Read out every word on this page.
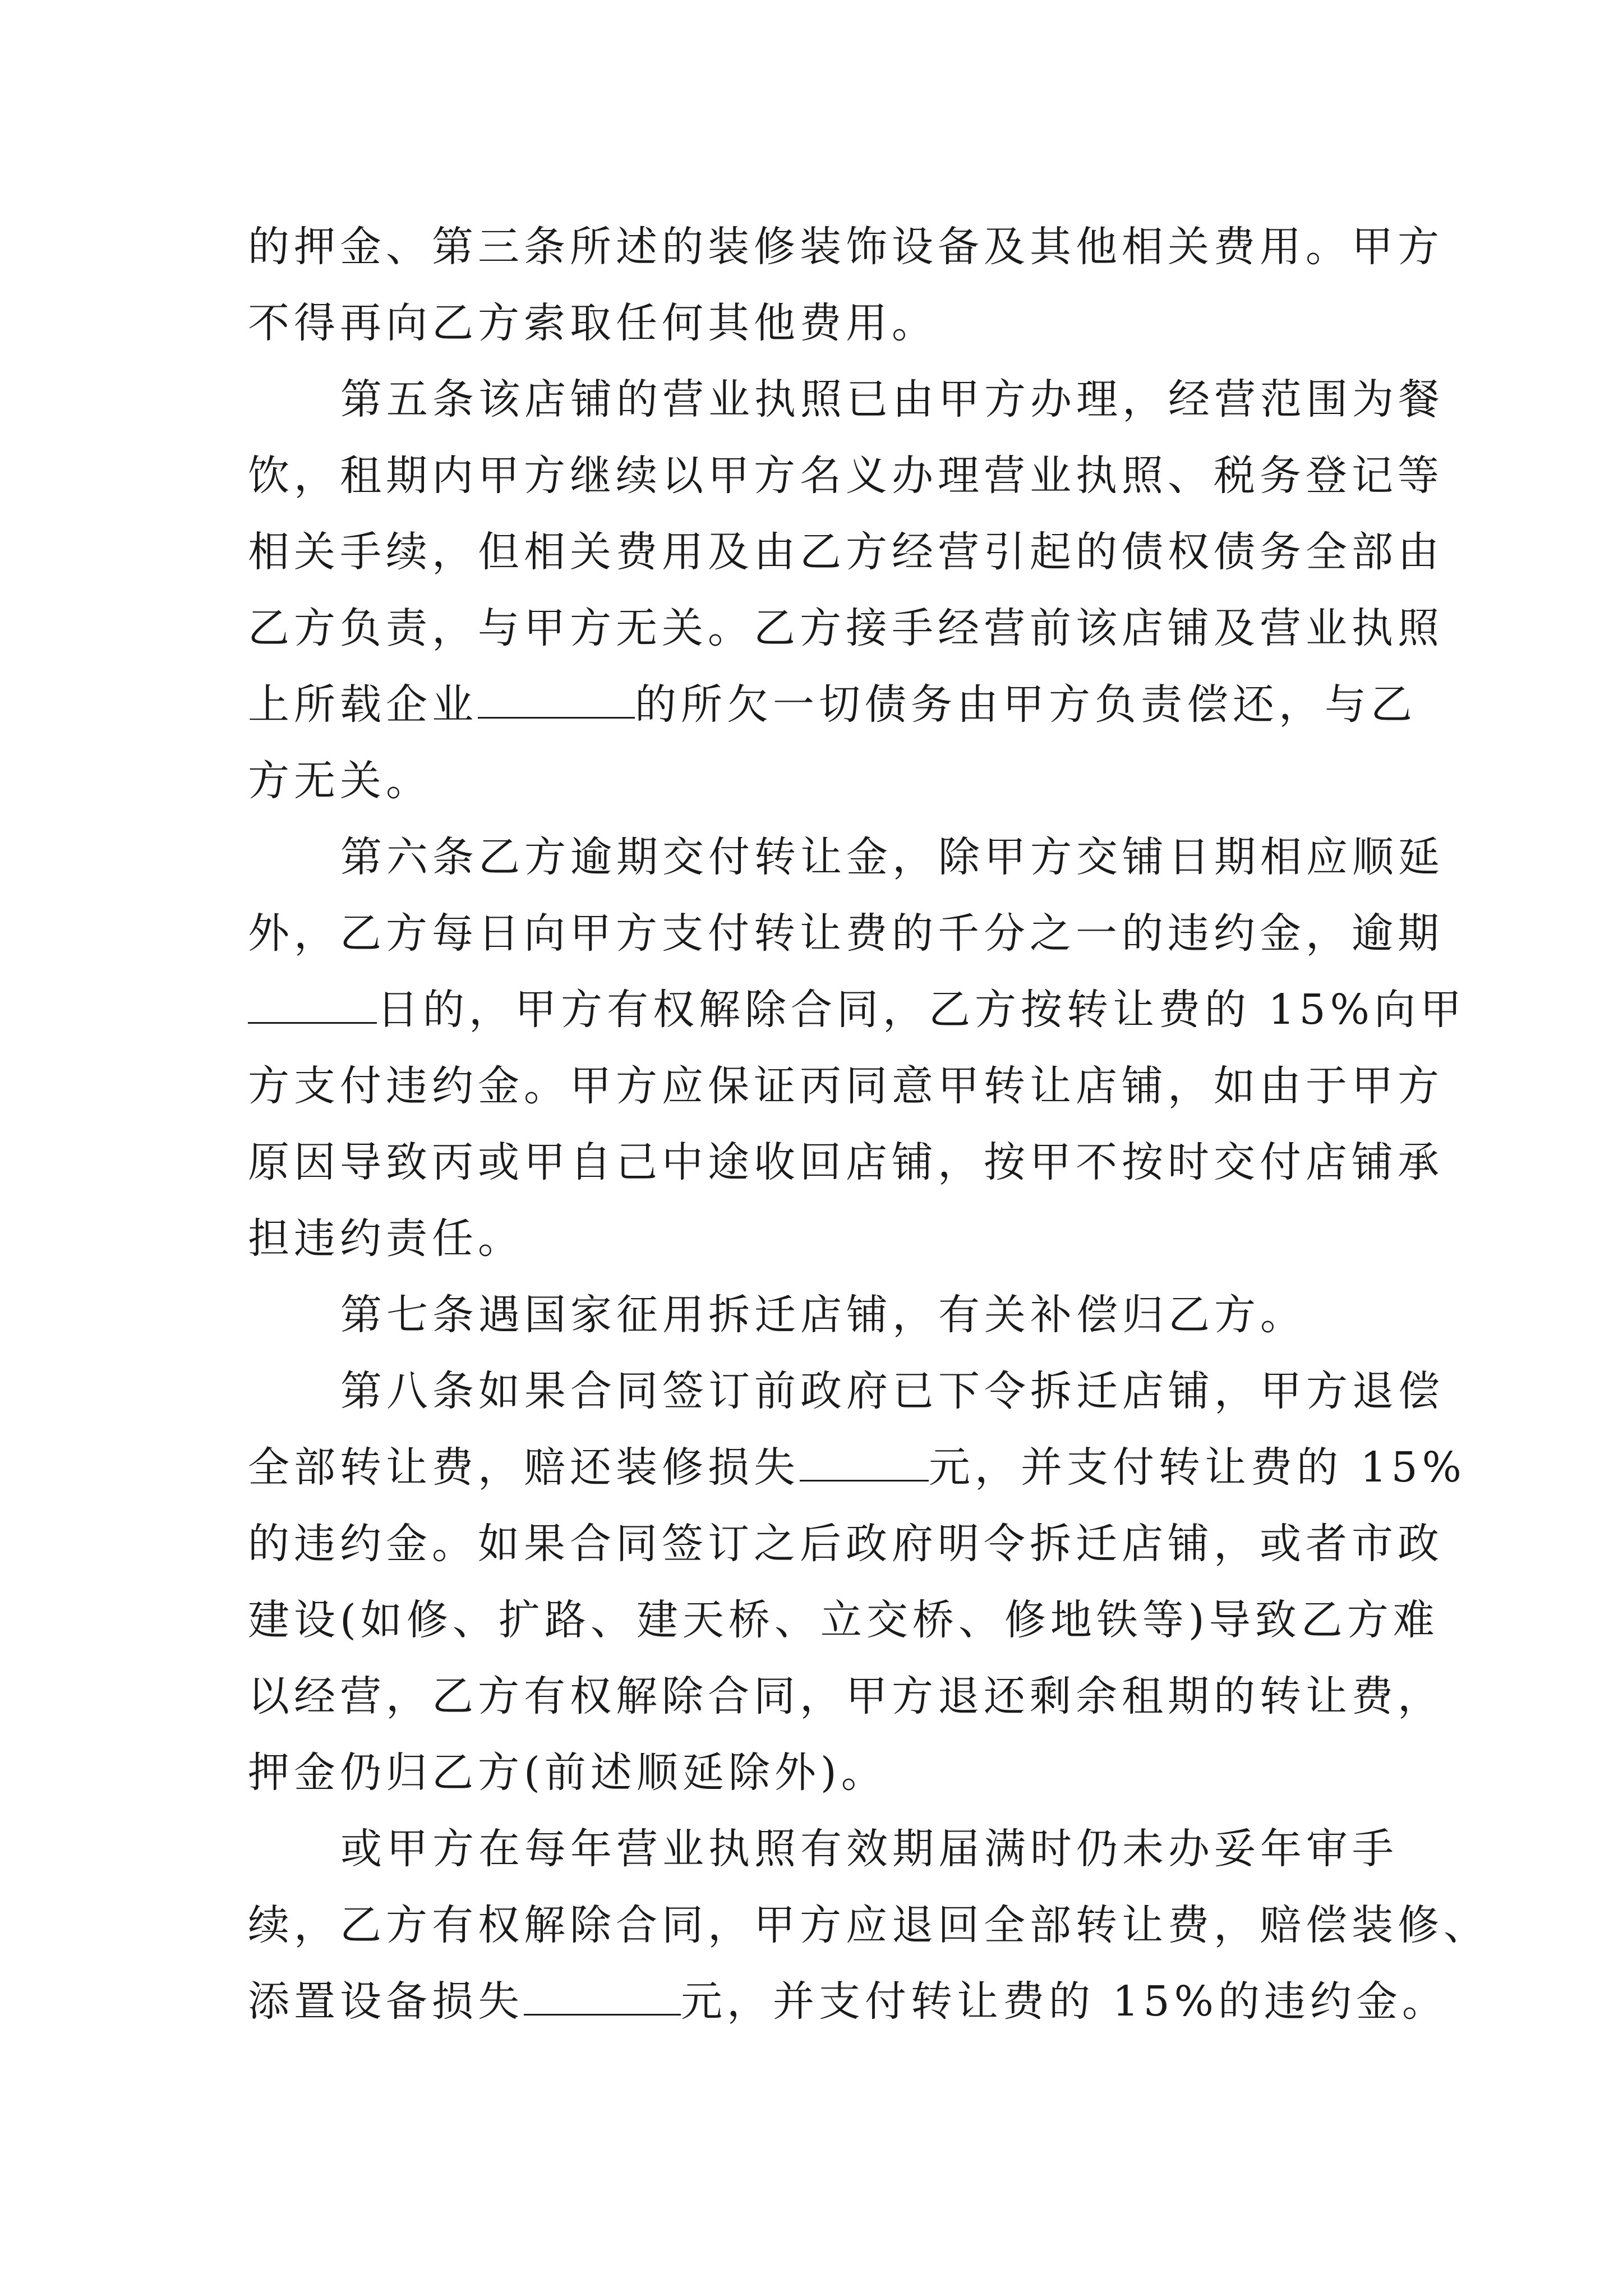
的押金、第三条所述的装修装饰设备及其他相关费用。甲方
不得再向乙方索取任何其他费用。
第五条该店铺的营业执照已由甲方办理，经营范围为餐
饮，租期内甲方继续以甲方名义办理营业执照、税务登记等
相关手续，但相关费用及由乙方经营引起的债权债务全部由
乙方负责，与甲方无关。乙方接手经营前该店铺及营业执照
上所载企业	的所欠一切债务由甲方负责偿还，与乙
方无关。
第六条乙方逾期交付转让金，除甲方交铺日期相应顺延
外，乙方每日向甲方支付转让费的千分之一的违约金，逾期
日的，甲方有权解除合同，乙方按转让费的 15%向甲
方支付违约金。甲方应保证丙同意甲转让店铺，如由于甲方
原因导致丙或甲自己中途收回店铺，按甲不按时交付店铺承
担违约责任。
第七条遇国家征用拆迁店铺，有关补偿归乙方。
第八条如果合同签订前政府已下令拆迁店铺，甲方退偿
全部转让费，赔还装修损失	元，并支付转让费的 15%
的违约金。如果合同签订之后政府明令拆迁店铺，或者市政
建设(如修、扩路、建天桥、立交桥、修地铁等)导致乙方难
以经营，乙方有权解除合同，甲方退还剩余租期的转让费，
押金仍归乙方(前述顺延除外)。
或甲方在每年营业执照有效期届满时仍未办妥年审手
续，乙方有权解除合同，甲方应退回全部转让费，赔偿装修、
添置设备损失	元，并支付转让费的 15%的违约金。
